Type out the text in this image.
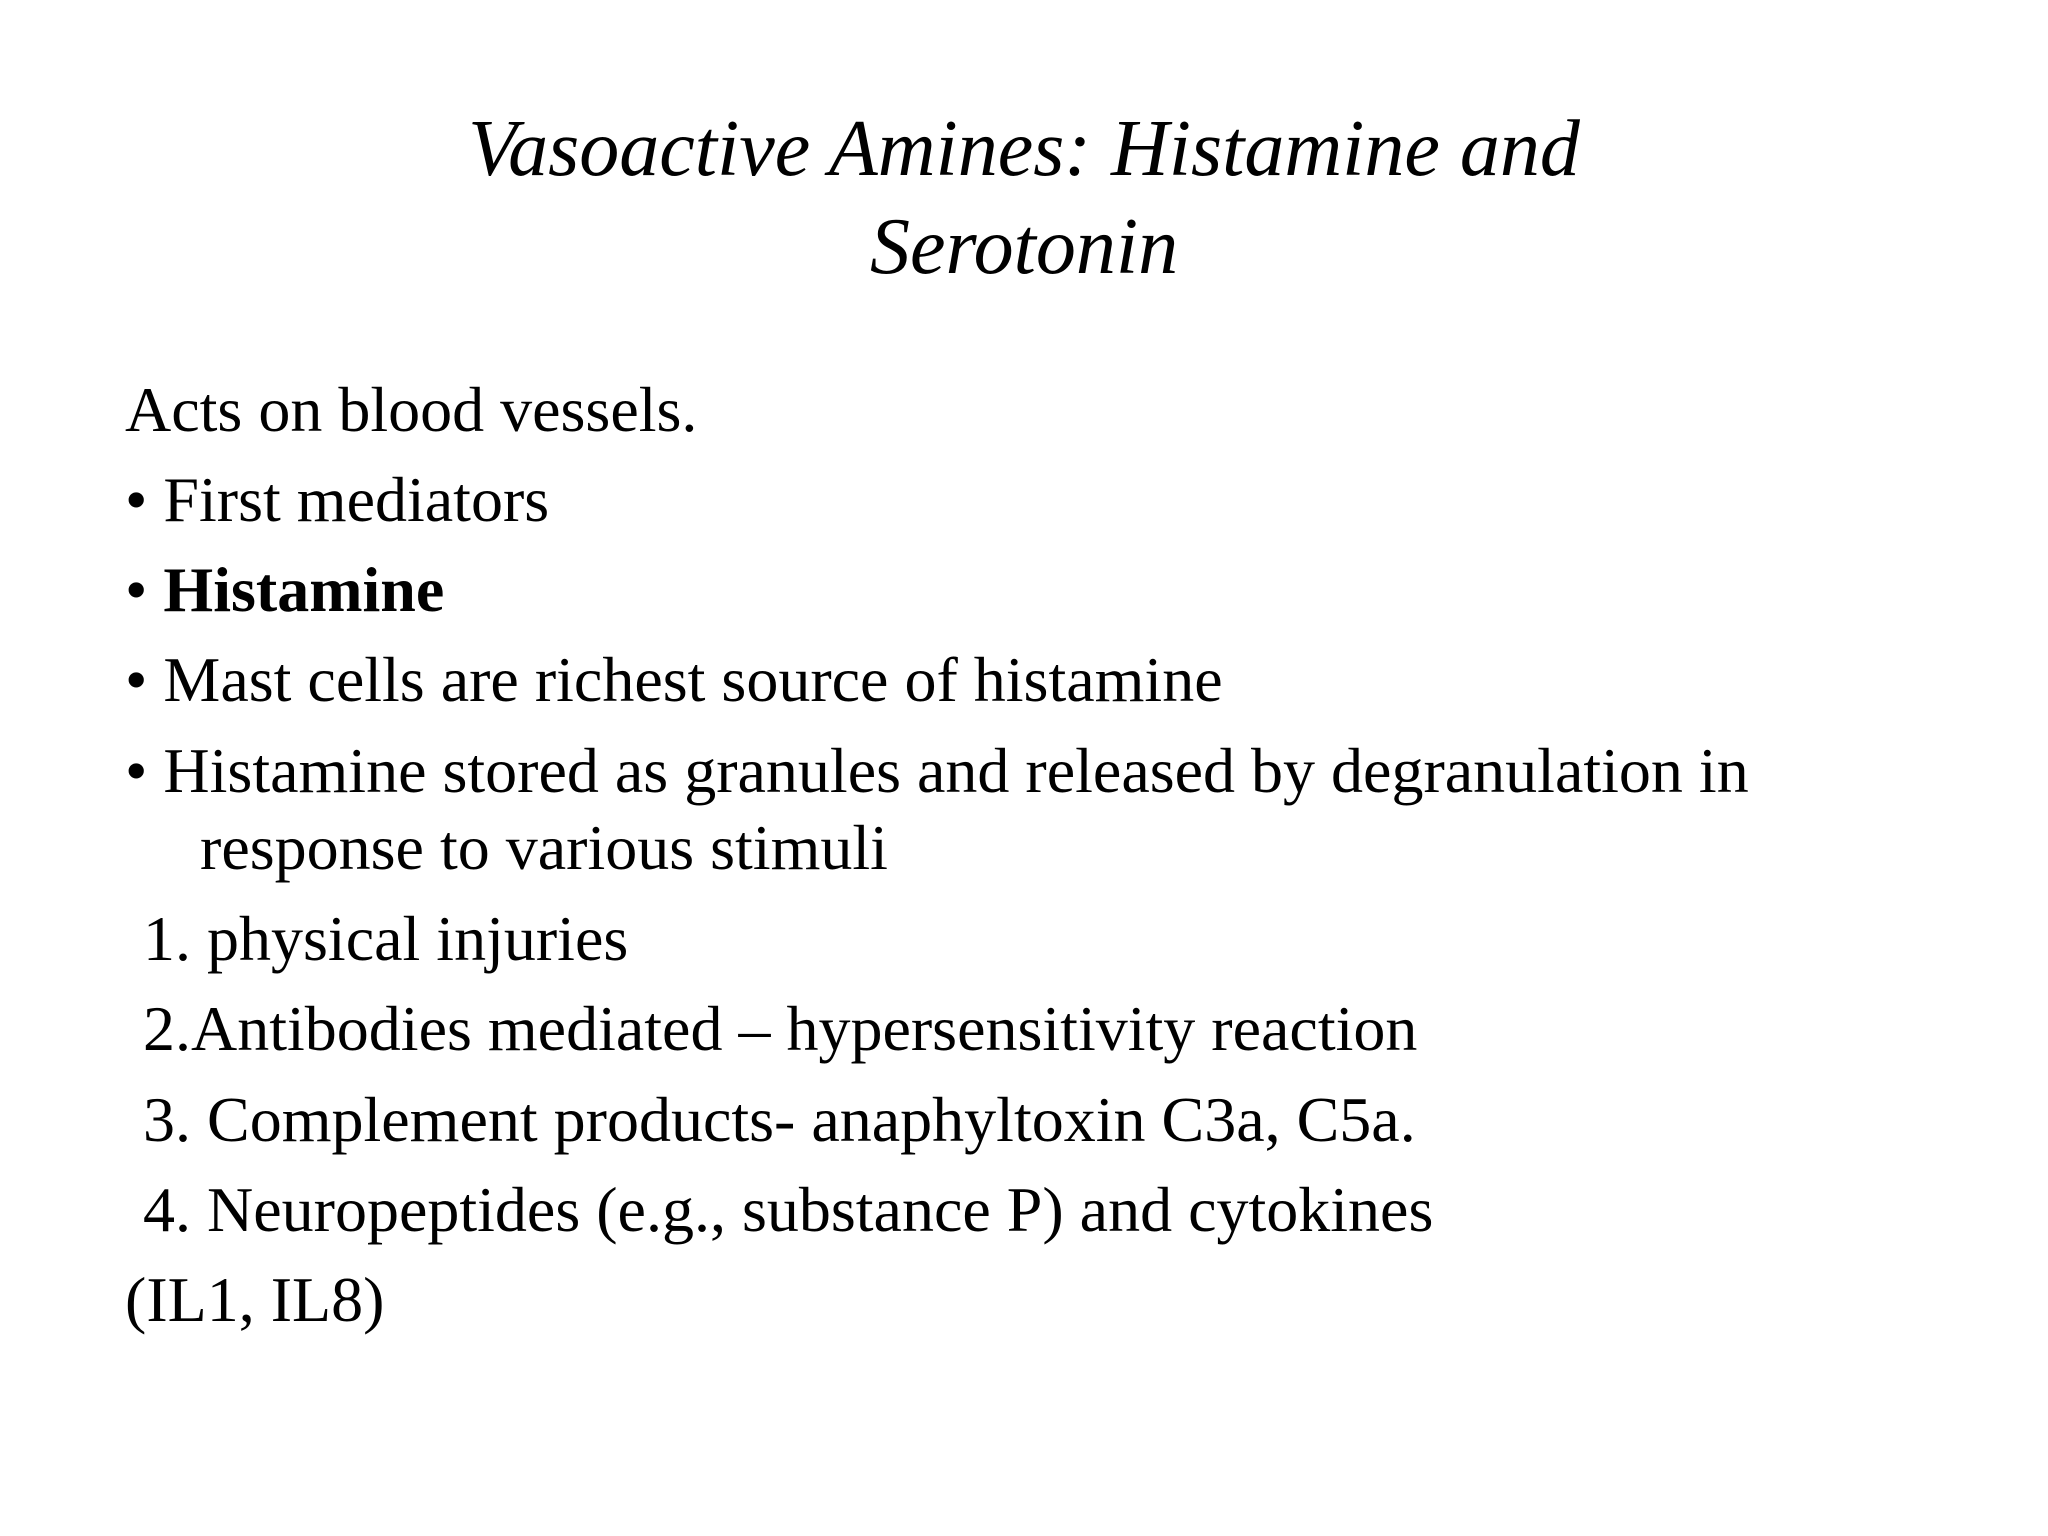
Vasoactive Amines: Histamine and
Serotonin
Acts on blood vessels.
• First mediators
• Histamine
• Mast cells are richest source of histamine
• Histamine stored as granules and released by degranulation in
response to various stimuli
1. physical injuries
2.Antibodies mediated – hypersensitivity reaction
3. Complement products- anaphyltoxin C3a, C5a.
4. Neuropeptides (e.g., substance P) and cytokines
(IL1, IL8)
